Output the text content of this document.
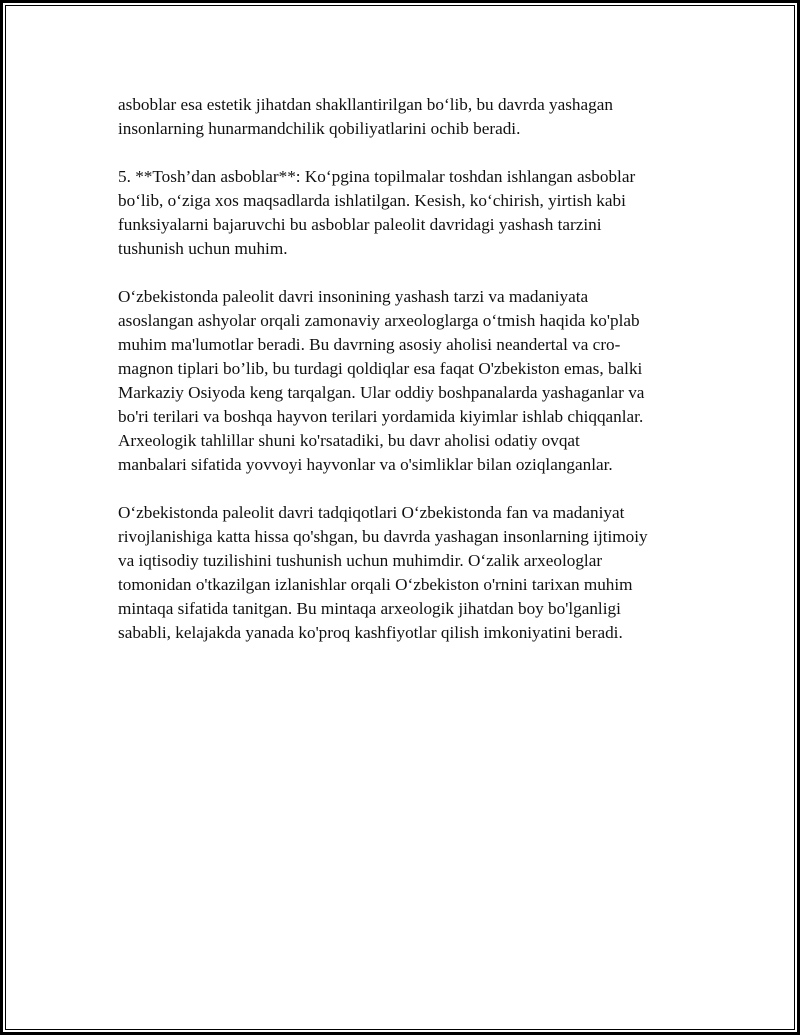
asboblar esa estetik jihatdan shakllantirilgan bo‘lib, bu davrda yashagan
insonlarning hunarmandchilik qobiliyatlarini ochib beradi.

5. **Tosh’dan asboblar**: Ko‘pgina topilmalar toshdan ishlangan asboblar
bo‘lib, o‘ziga xos maqsadlarda ishlatilgan. Kesish, ko‘chirish, yirtish kabi
funksiyalarni bajaruvchi bu asboblar paleolit davridagi yashash tarzini
tushunish uchun muhim.

O‘zbekistonda paleolit davri insonining yashash tarzi va madaniyata
asoslangan ashyolar orqali zamonaviy arxeologlarga o‘tmish haqida ko'plab
muhim ma'lumotlar beradi. Bu davrning asosiy aholisi neandertal va cro-
magnon tiplari bo’lib, bu turdagi qoldiqlar esa faqat O'zbekiston emas, balki
Markaziy Osiyoda keng tarqalgan. Ular oddiy boshpanalarda yashaganlar va
bo'ri terilari va boshqa hayvon terilari yordamida kiyimlar ishlab chiqqanlar.
Arxeologik tahlillar shuni ko'rsatadiki, bu davr aholisi odatiy ovqat
manbalari sifatida yovvoyi hayvonlar va o'simliklar bilan oziqlanganlar.

O‘zbekistonda paleolit davri tadqiqotlari O‘zbekistonda fan va madaniyat
rivojlanishiga katta hissa qo'shgan, bu davrda yashagan insonlarning ijtimoiy
va iqtisodiy tuzilishini tushunish uchun muhimdir. O‘zalik arxeologlar
tomonidan o'tkazilgan izlanishlar orqali O‘zbekiston o'rnini tarixan muhim
mintaqa sifatida tanitgan. Bu mintaqa arxeologik jihatdan boy bo'lganligi
sababli, kelajakda yanada ko'proq kashfiyotlar qilish imkoniyatini beradi.
